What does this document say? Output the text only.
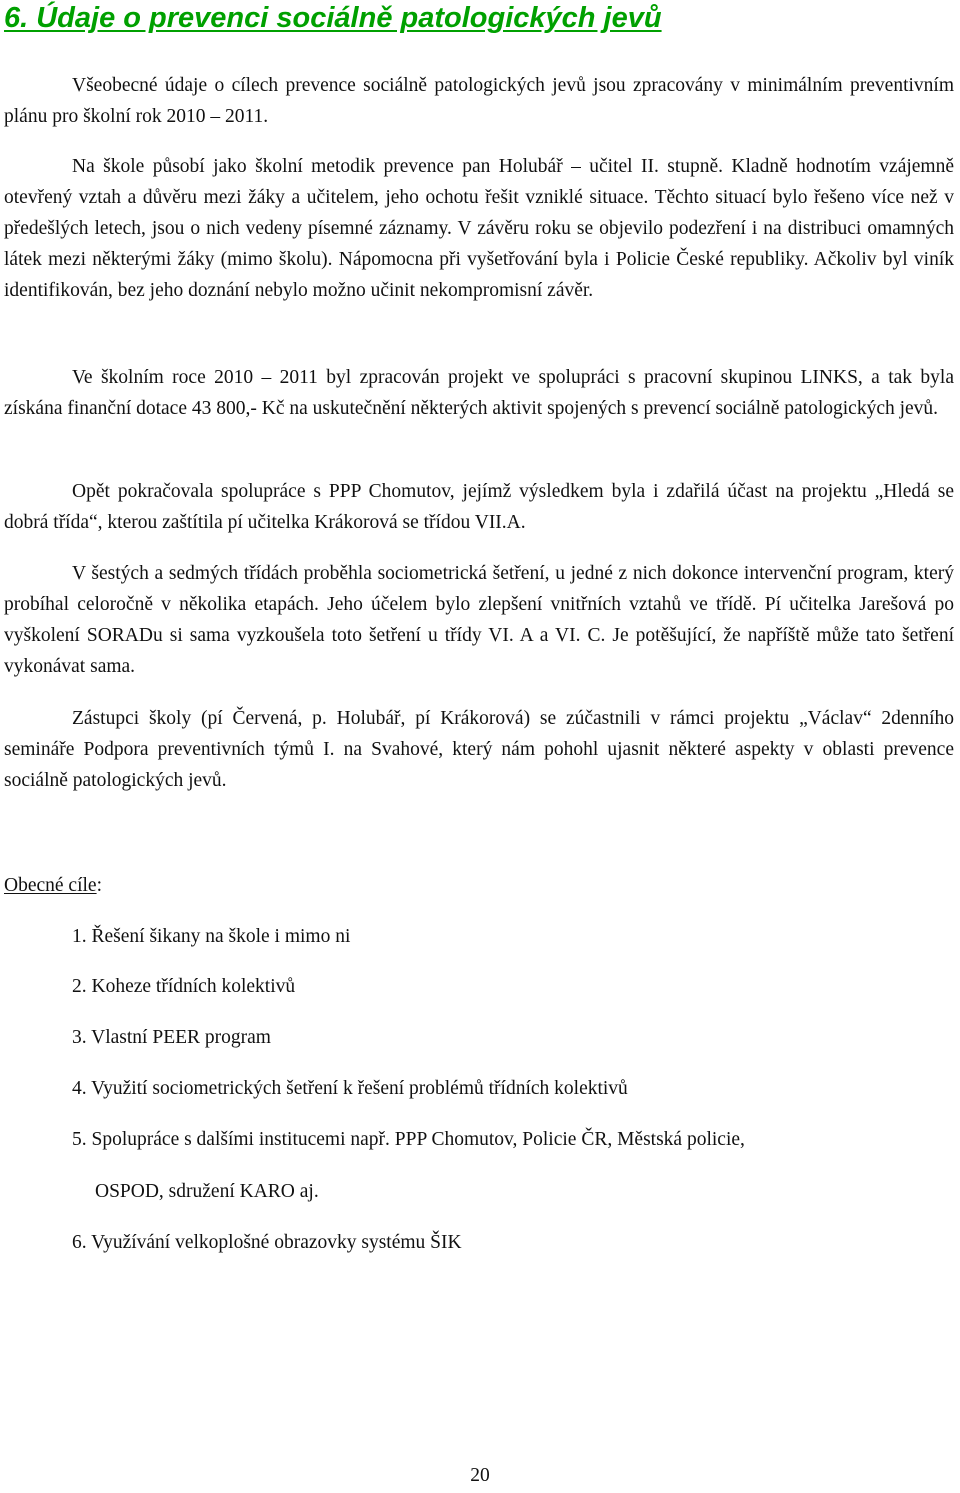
6. Údaje o prevenci sociálně patologických jevů

Všeobecné údaje o cílech prevence sociálně patologických jevů jsou zpracovány v minimálním preventivním plánu pro školní rok 2010 – 2011.

Na škole působí jako školní metodik prevence pan Holubář – učitel II. stupně. Kladně hodnotím vzájemně otevřený vztah a důvěru mezi žáky a učitelem, jeho ochotu řešit vzniklé situace. Těchto situací bylo řešeno více než v předešlých letech, jsou o nich vedeny písemné záznamy. V závěru roku se objevilo podezření i na distribuci omamných látek mezi některými žáky (mimo školu). Nápomocna při vyšetřování byla i Policie České republiky. Ačkoliv byl viník identifikován, bez jeho doznání nebylo možno učinit nekompromisní závěr.

Ve školním roce 2010 – 2011 byl zpracován projekt ve spolupráci s pracovní skupinou LINKS, a tak byla získána finanční dotace 43 800,- Kč na uskutečnění některých aktivit spojených s prevencí sociálně patologických jevů.

Opět pokračovala spolupráce s PPP Chomutov, jejímž výsledkem byla i zdařilá účast na projektu „Hledá se dobrá třída“, kterou zaštítila pí učitelka Krákorová se třídou VII.A.

V šestých a sedmých třídách proběhla sociometrická šetření, u jedné z nich dokonce intervenční program, který probíhal celoročně v několika etapách. Jeho účelem bylo zlepšení vnitřních vztahů ve třídě. Pí učitelka Jarešová po vyškolení SORADu si sama vyzkoušela toto šetření u třídy VI. A a VI. C. Je potěšující, že napříště může tato šetření vykonávat sama.

Zástupci školy (pí Červená, p. Holubář, pí Krákorová) se zúčastnili v rámci projektu „Václav“ 2denního semináře Podpora preventivních týmů I. na Svahové, který nám pohohl ujasnit některé aspekty v oblasti prevence sociálně patologických jevů.

Obecné cíle:

1. Řešení šikany na škole i mimo ni

2. Koheze třídních kolektivů

3. Vlastní PEER program

4. Využití sociometrických šetření k řešení problémů třídních kolektivů

5. Spolupráce s dalšími institucemi např. PPP Chomutov, Policie ČR, Městská policie,

OSPOD, sdružení KARO aj.

6. Využívání velkoplošné obrazovky systému ŠIK

20
